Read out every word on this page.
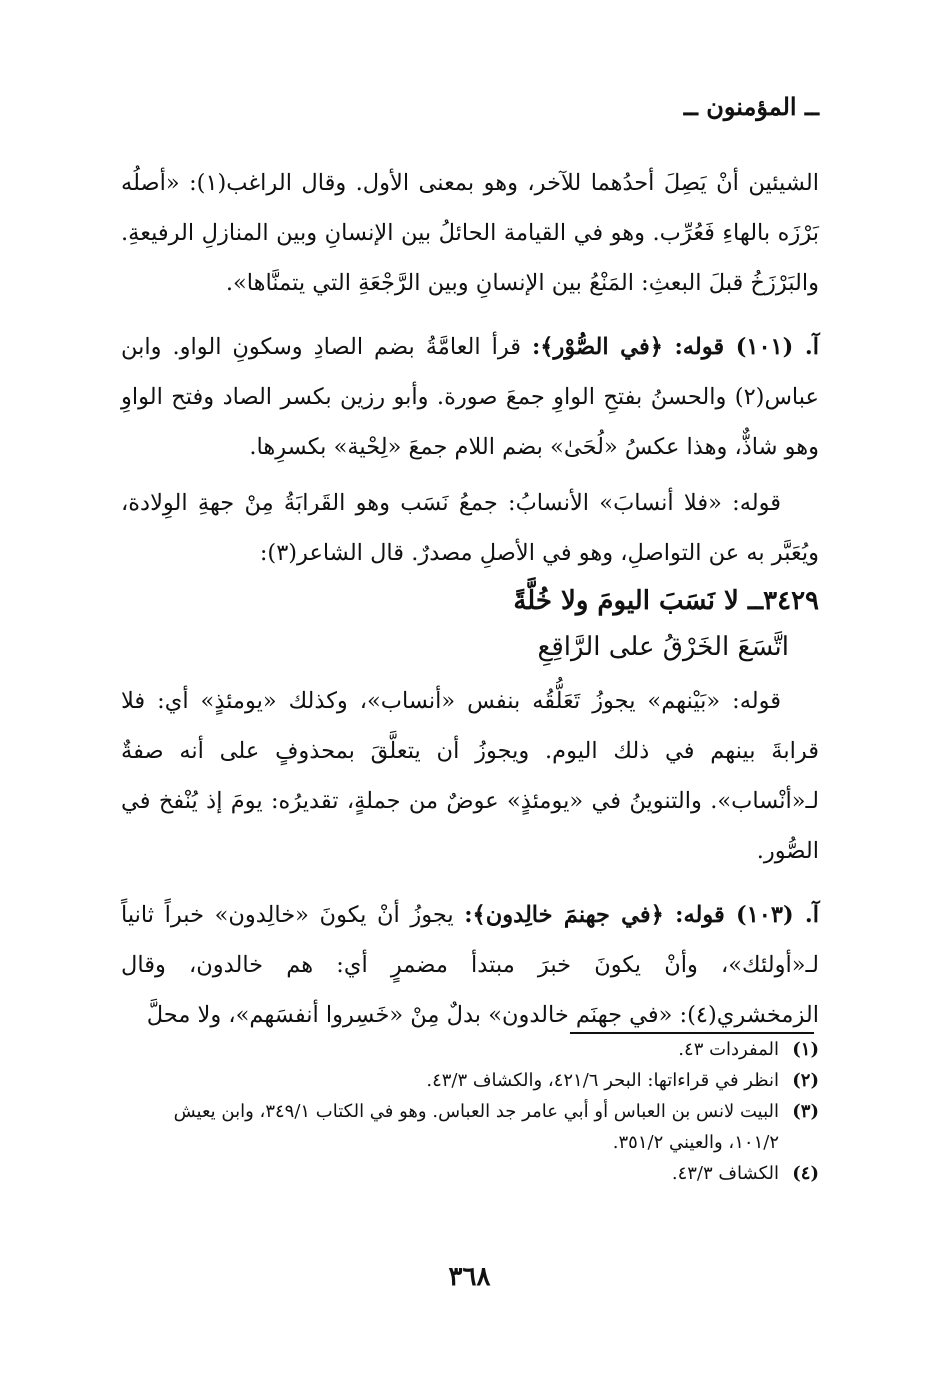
ــ المؤمنون ــ

الشيئين أنْ يَصِلَ أحدُهما للآخر، وهو بمعنى الأول. وقال الراغب(١): «أصلُه بَرْزَه بالهاءِ فَعُرِّب. وهو في القيامة الحائلُ بين الإنسانِ وبين المنازلِ الرفيعةِ. والبَرْزَخُ قبلَ البعثِ: المَنْعُ بين الإنسانِ وبين الرَّجْعَةِ التي يتمنَّاها».

آ. (١٠١) قوله: ﴿في الصُّوْر﴾: قرأ العامَّةُ بضم الصادِ وسكونِ الواو. وابن عباس(٢) والحسنُ بفتحِ الواوِ جمعَ صورة. وأبو رزين بكسر الصاد وفتح الواوِ وهو شاذٌّ، وهذا عكسُ «لُحَىٰ» بضم اللام جمعَ «لِحْية» بكسرِها.

قوله: «فلا أنسابَ» الأنسابُ: جمعُ نَسَب وهو القَرابَةُ مِنْ جهةِ الوِلادة، ويُعَبَّر به عن التواصلِ، وهو في الأصلِ مصدرٌ. قال الشاعر(٣):

٣٤٢٩ــ لا نَسَبَ اليومَ ولا خُلَّةً
اتَّسَعَ الخَرْقُ على الرَّاقِعِ

قوله: «بَيْنهم» يجوزُ تَعَلُّقُه بنفس «أنساب»، وكذلك «يومئذٍ» أي: فلا قرابةَ بينهم في ذلك اليوم. ويجوزُ أن يتعلَّقَ بمحذوفٍ على أنه صفةٌ لـ«أنْساب». والتنوينُ في «يومئذٍ» عوضٌ من جملةٍ، تقديرُه: يومَ إذ يُنْفخ في الصُّور.

آ. (١٠٣) قوله: ﴿في جهنمَ خالِدون﴾: يجوزُ أنْ يكونَ «خالِدون» خبراً ثانياً لـ«أولئك»، وأنْ يكونَ خبرَ مبتدأ مضمرٍ أي: هم خالدون، وقال الزمخشري(٤): «في جهنَم خالدون» بدلٌ مِنْ «خَسِروا أنفسَهم»، ولا محلَّ

(١)
المفردات ٤٣.

(٢)
انظر في قراءاتها: البحر ٤٢١/٦، والكشاف ٤٣/٣.

(٣)
البيت لانس بن العباس أو أبي عامر جد العباس. وهو في الكتاب ٣٤٩/١، وابن يعيش ١٠١/٢، والعيني ٣٥١/٢.

(٤)
الكشاف ٤٣/٣.

٣٦٨
